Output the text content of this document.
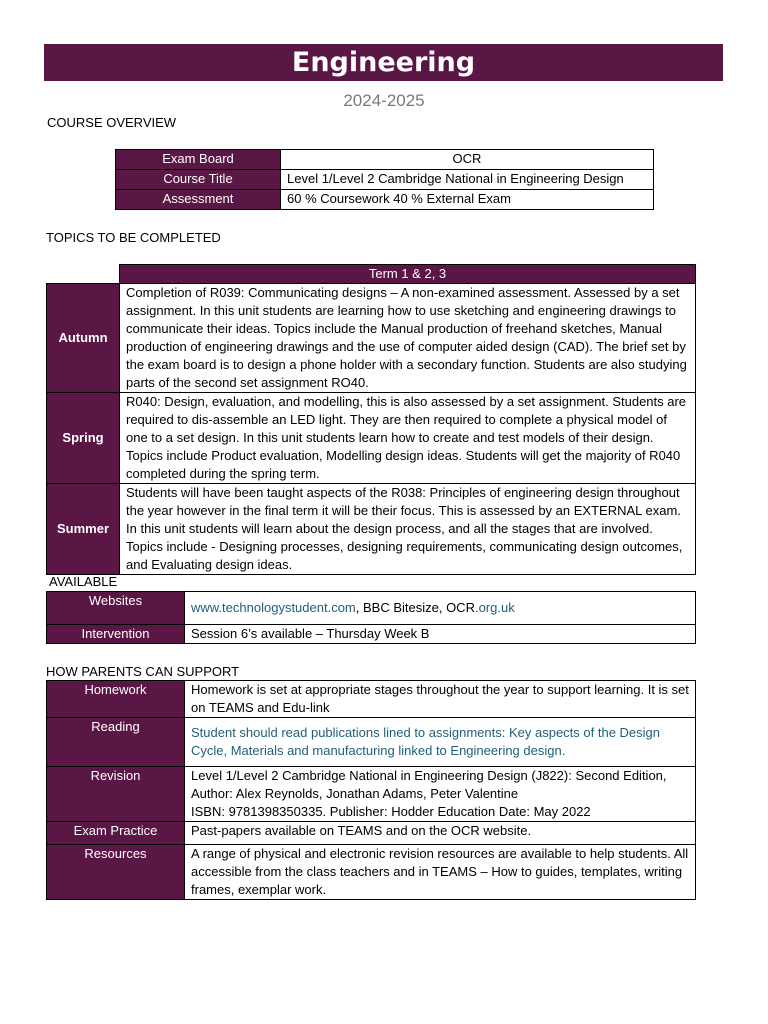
Engineering
2024-2025
COURSE OVERVIEW
Exam Board	OCR
Course Title	Level 1/Level 2 Cambridge National in Engineering Design
Assessment	60 % Coursework 40 % External Exam
TOPICS TO BE COMPLETED
	Term 1 & 2, 3
Autumn	Completion of R039: Communicating designs – A non-examined assessment. Assessed by a set assignment. In this unit students are learning how to use sketching and engineering drawings to communicate their ideas. Topics include the Manual production of freehand sketches, Manual production of engineering drawings and the use of computer aided design (CAD). The brief set by the exam board is to design a phone holder with a secondary function. Students are also studying parts of the second set assignment RO40.
Spring	R040: Design, evaluation, and modelling, this is also assessed by a set assignment. Students are required to dis-assemble an LED light. They are then required to complete a physical model of one to a set design. In this unit students learn how to create and test models of their design. Topics include Product evaluation, Modelling design ideas. Students will get the majority of R040 completed during the spring term.
Summer	Students will have been taught aspects of the R038: Principles of engineering design throughout the year however in the final term it will be their focus. This is assessed by an EXTERNAL exam. In this unit students will learn about the design process, and all the stages that are involved. Topics include - Designing processes, designing requirements, communicating design outcomes, and Evaluating design ideas.
AVAILABLE
Websites	www.technologystudent.com, BBC Bitesize, OCR.org.uk
Intervention	Session 6’s available – Thursday Week B
HOW PARENTS CAN SUPPORT
Homework	Homework is set at appropriate stages throughout the year to support learning. It is set on TEAMS and Edu-link
Reading	Student should read publications lined to assignments: Key aspects of the Design Cycle, Materials and manufacturing linked to Engineering design.
Revision	Level 1/Level 2 Cambridge National in Engineering Design (J822): Second Edition, Author: Alex Reynolds, Jonathan Adams, Peter Valentine
ISBN: 9781398350335. Publisher: Hodder Education Date: May 2022

Exam Practice	Past-papers available on TEAMS and on the OCR website.
Resources	A range of physical and electronic revision resources are available to help students. All accessible from the class teachers and in TEAMS – How to guides, templates, writing frames, exemplar work.
